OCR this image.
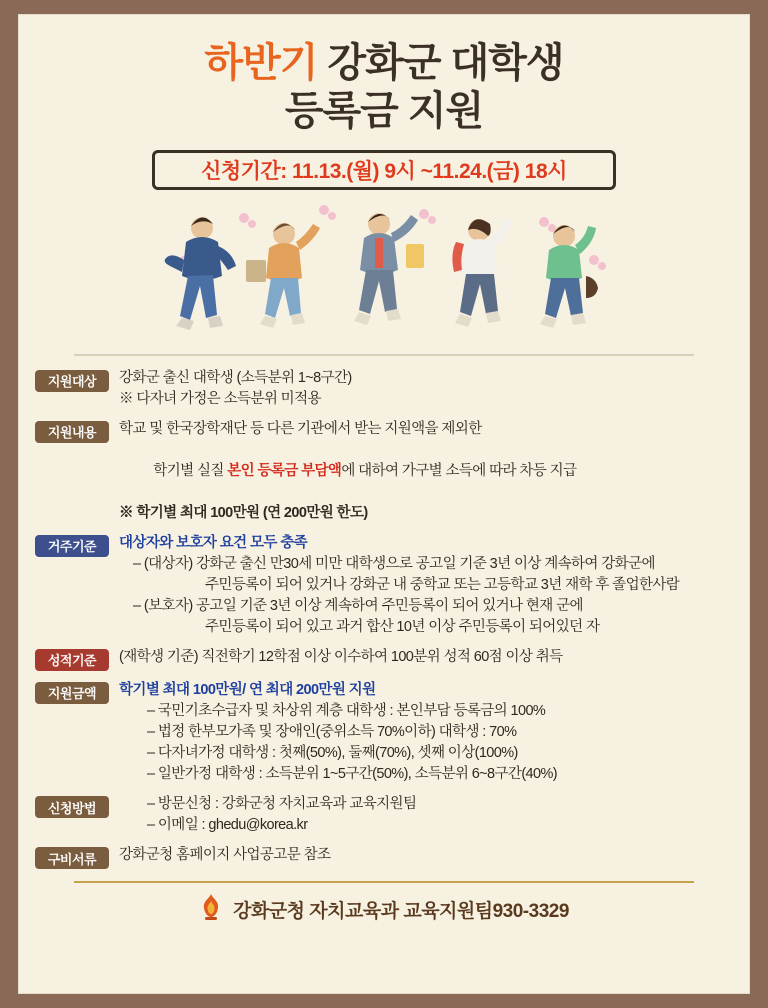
하반기 강화군 대학생
등록금 지원
신청기간: 11.13.(월) 9시 ~11.24.(금) 18시
지원대상	강화군 출신 대학생 (소득분위 1~8구간)
※ 다자녀 가정은 소득분위 미적용
지원내용	학교 및 한국장학재단 등 다른 기관에서 받는 지원액을 제외한

학기별 실질 본인 등록금 부담액에 대하여 가구별 소득에 따라 차등 지급

※ 학기별 최대 100만원 (연 200만원 한도)
거주기준	대상자와 보호자 요건 모두 충족
– (대상자) 강화군 출신 만30세 미만 대학생으로 공고일 기준 3년 이상 계속하여 강화군에
주민등록이 되어 있거나 강화군 내 중학교 또는 고등학교 3년 재학 후 졸업한사람
– (보호자) 공고일 기준 3년 이상 계속하여 주민등록이 되어 있거나 현재 군에
주민등록이 되어 있고 과거 합산 10년 이상 주민등록이 되어있던 자
성적기준	(재학생 기준) 직전학기 12학점 이상 이수하여 100분위 성적 60점 이상 취득
지원금액	학기별 최대 100만원/ 연 최대 200만원 지원
– 국민기초수급자 및 차상위 계층 대학생 : 본인부담 등록금의 100%
– 법정 한부모가족 및 장애인(중위소득 70%이하) 대학생 : 70%
– 다자녀가정 대학생 : 첫째(50%), 둘째(70%), 셋째 이상(100%)
– 일반가정 대학생 : 소득분위 1~5구간(50%), 소득분위 6~8구간(40%)
신청방법	– 방문신청 : 강화군청 자치교육과 교육지원팀
– 이메일 : ghedu@korea.kr
구비서류	강화군청 홈페이지 사업공고문 참조
강화군청 자치교육과 교육지원팀930-3329
